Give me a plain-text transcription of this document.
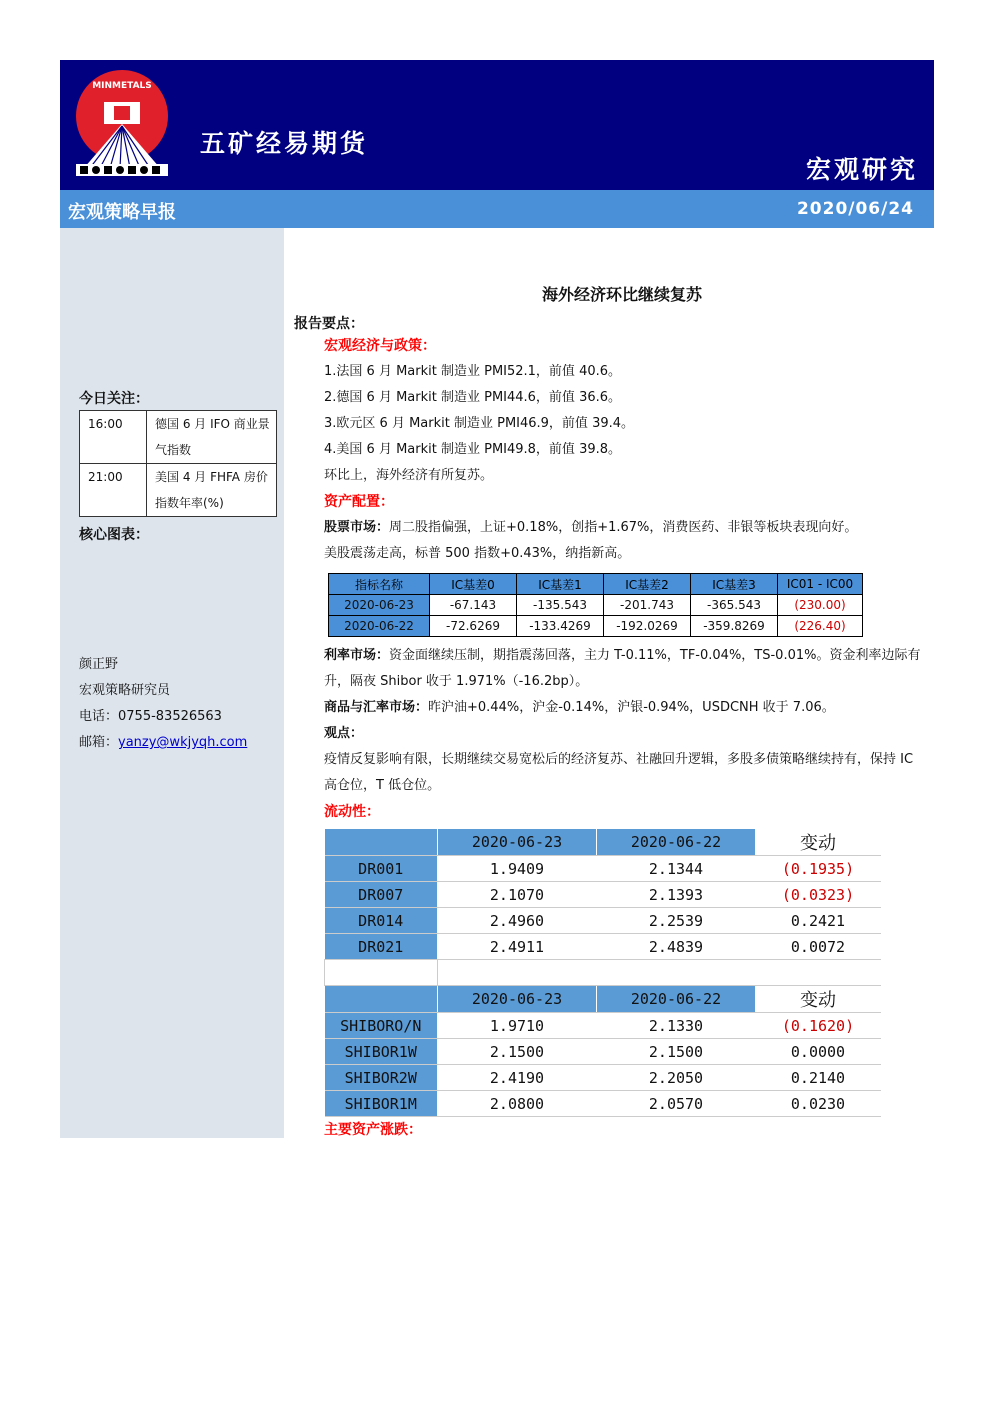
MINMETALS
五矿经易期货
宏观研究
宏观策略早报	2020/06/24
今日关注：
16:00	德国 6 月 IFO 商业景气指数
21:00	美国 4 月 FHFA 房价指数年率(%)
核心图表：
颜正野
宏观策略研究员
电话：0755-83526563
邮箱：yanzy@wkjyqh.com
海外经济环比继续复苏
报告要点：
宏观经济与政策：
1.法国 6 月 Markit 制造业 PMI52.1，前值 40.6。
2.德国 6 月 Markit 制造业 PMI44.6，前值 36.6。
3.欧元区 6 月 Markit 制造业 PMI46.9，前值 39.4。
4.美国 6 月 Markit 制造业 PMI49.8，前值 39.8。
环比上，海外经济有所复苏。
资产配置：
股票市场：周二股指偏强，上证+0.18%，创指+1.67%，消费医药、非银等板块表现向好。
美股震荡走高，标普 500 指数+0.43%，纳指新高。
指标名称	IC基差0	IC基差1	IC基差2	IC基差3	IC01 - IC00
2020-06-23	-67.143	-135.543	-201.743	-365.543	(230.00)
2020-06-22	-72.6269	-133.4269	-192.0269	-359.8269	(226.40)
利率市场：资金面继续压制，期指震荡回落，主力 T-0.11%，TF-0.04%，TS-0.01%。资金利率边际有升，隔夜 Shibor 收于 1.971%（-16.2bp）。
商品与汇率市场：昨沪油+0.44%，沪金-0.14%，沪银-0.94%，USDCNH 收于 7.06。
观点：
疫情反复影响有限，长期继续交易宽松后的经济复苏、社融回升逻辑，多股多债策略继续持有，保持 IC 高仓位，T 低仓位。
流动性：
	2020-06-23	2020-06-22	变动
DR001	1.9409	2.1344	(0.1935)
DR007	2.1070	2.1393	(0.0323)
DR014	2.4960	2.2539	0.2421
DR021	2.4911	2.4839	0.0072

	2020-06-23	2020-06-22	变动
SHIBORO/N	1.9710	2.1330	(0.1620)
SHIBOR1W	2.1500	2.1500	0.0000
SHIBOR2W	2.4190	2.2050	0.2140
SHIBOR1M	2.0800	2.0570	0.0230
主要资产涨跌：
